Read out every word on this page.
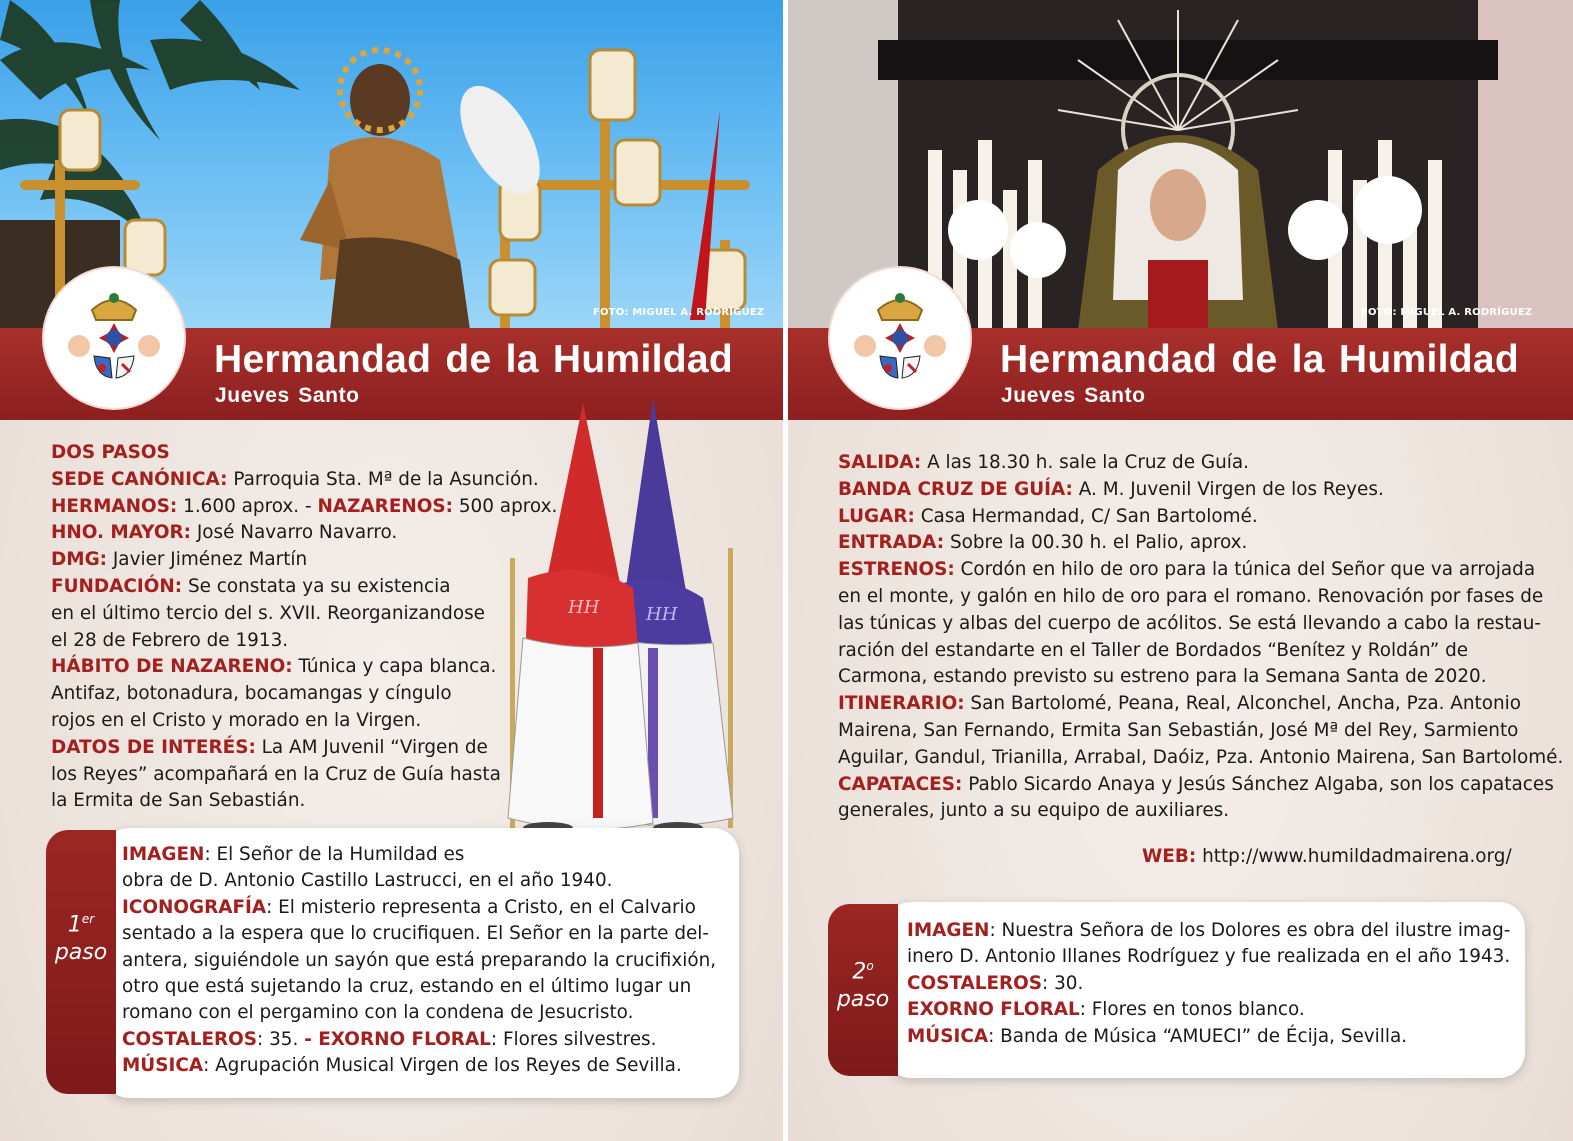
FOTO: MIGUEL A. RODRÍGUEZ
Hermandad de la Humildad
Jueves Santo

DOS PASOS

SEDE CANÓNICA: Parroquia Sta. Mª de la Asunción.

HERMANOS: 1.600 aprox. - NAZARENOS: 500 aprox.

HNO. MAYOR: José Navarro Navarro.

DMG: Javier Jiménez Martín

FUNDACIÓN: Se constata ya su existencia

en el último tercio del s. XVII. Reorganizandose

el 28 de Febrero de 1913.

HÁBITO DE NAZARENO: Túnica y capa blanca.

Antifaz, botonadura, bocamangas y cíngulo

rojos en el Cristo y morado en la Virgen.

DATOS DE INTERÉS: La AM Juvenil “Virgen de

los Reyes” acompañará en la Cruz de Guía hasta

la Ermita de San Sebastián.

HH	HH
1er
paso

IMAGEN: El Señor de la Humildad es

obra de D. Antonio Castillo Lastrucci, en el año 1940.

ICONOGRAFÍA: El misterio representa a Cristo, en el Calvario

sentado a la espera que lo crucifiquen. El Señor en la parte del-

antera, siguiéndole un sayón que está preparando la crucifixión,

otro que está sujetando la cruz, estando en el último lugar un

romano con el pergamino con la condena de Jesucristo.

COSTALEROS: 35. - EXORNO FLORAL: Flores silvestres.

MÚSICA: Agrupación Musical Virgen de los Reyes de Sevilla.

FOTO: MIGUEL A. RODRÍGUEZ
Hermandad de la Humildad
Jueves Santo

SALIDA: A las 18.30 h. sale la Cruz de Guía.

BANDA CRUZ DE GUÍA: A. M. Juvenil Virgen de los Reyes.

LUGAR: Casa Hermandad, C/ San Bartolomé.

ENTRADA: Sobre la 00.30 h. el Palio, aprox.

ESTRENOS: Cordón en hilo de oro para la túnica del Señor que va arrojada

en el monte, y galón en hilo de oro para el romano. Renovación por fases de

las túnicas y albas del cuerpo de acólitos. Se está llevando a cabo la restau-

ración del estandarte en el Taller de Bordados “Benítez y Roldán” de

Carmona, estando previsto su estreno para la Semana Santa de 2020.

ITINERARIO: San Bartolomé, Peana, Real, Alconchel, Ancha, Pza. Antonio

Mairena, San Fernando, Ermita San Sebastián, José Mª del Rey, Sarmiento

Aguilar, Gandul, Trianilla, Arrabal, Daóiz, Pza. Antonio Mairena, San Bartolomé.

CAPATACES: Pablo Sicardo Anaya y Jesús Sánchez Algaba, son los capataces

generales, junto a su equipo de auxiliares.

WEB: http://www.humildadmairena.org/
2$^o$
paso

IMAGEN: Nuestra Señora de los Dolores es obra del ilustre imag-

inero D. Antonio Illanes Rodríguez y fue realizada en el año 1943.

COSTALEROS: 30.

EXORNO FLORAL: Flores en tonos blanco.

MÚSICA: Banda de Música “AMUECI” de Écija, Sevilla.
